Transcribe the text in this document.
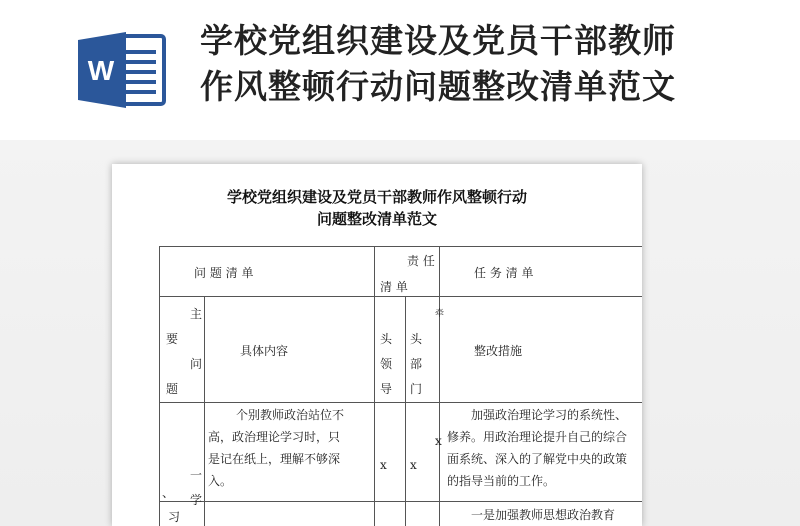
W
学校党组织建设及党员干部教师
作风整顿行动问题整改清单范文
学校党组织建设及党员干部教师作风整顿行动
问题整改清单范文
问 题 清 单
责 任
清 单
任 务 清 单
要
主
问
题
具体内容
头
领
导
牵
头
部
门
整改措施
一
、 学
习
个别教师政治站位不
高，政治理论学习时，只
是记在纸上，理解不够深
入。
x x
x
加强政治理论学习的系统性、
修养。用政治理论提升自己的综合
面系统、深入的了解党中央的政策
的指导当前的工作。
一是加强教师思想政治教育
